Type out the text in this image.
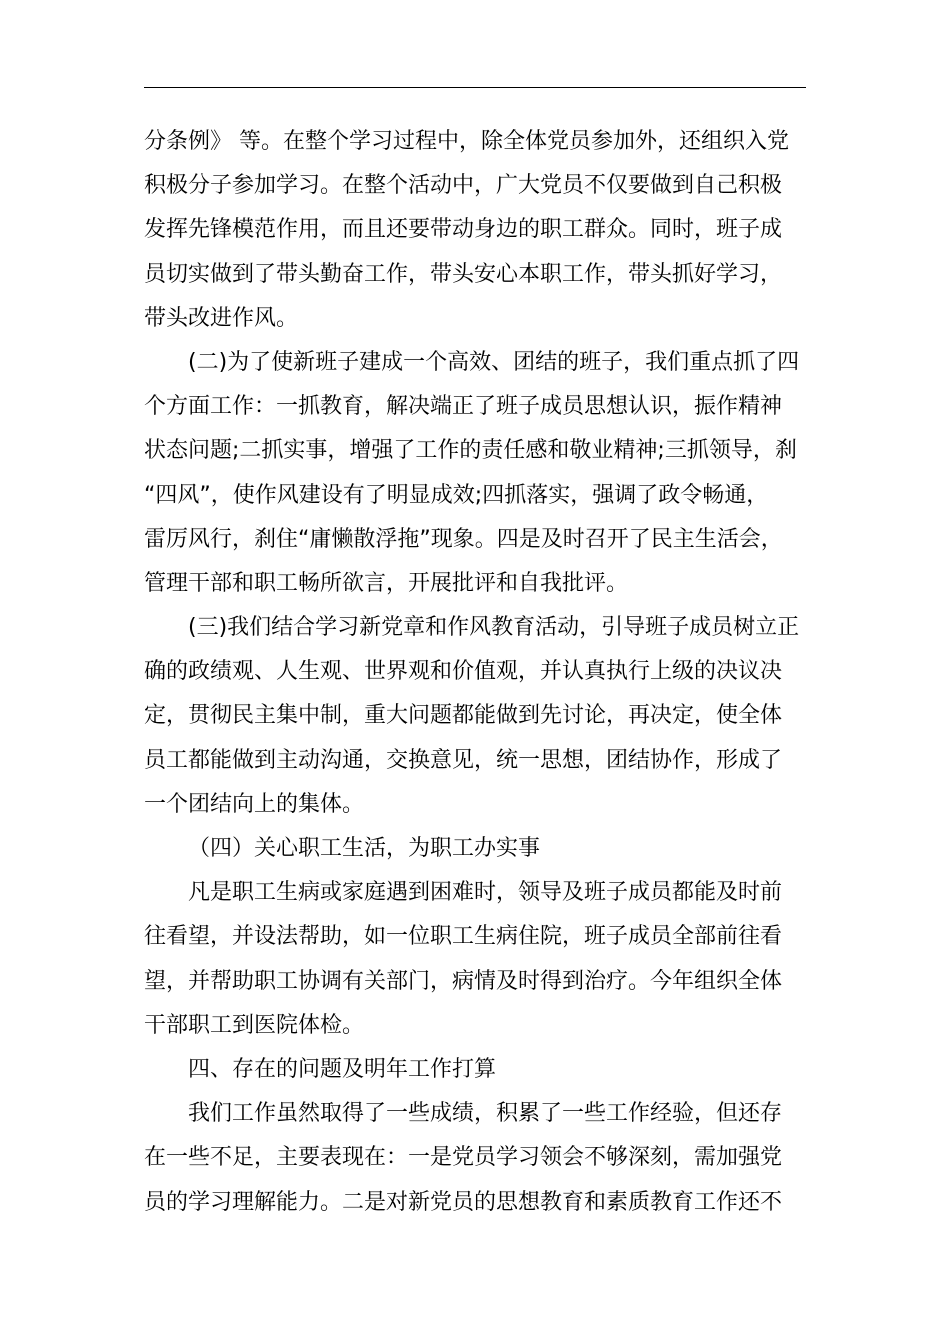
分条例》 等。在整个学习过程中，除全体党员参加外，还组织入党

积极分子参加学习。在整个活动中，广大党员不仅要做到自己积极

发挥先锋模范作用，而且还要带动身边的职工群众。同时，班子成

员切实做到了带头勤奋工作，带头安心本职工作，带头抓好学习，

带头改进作风。

(二)为了使新班子建成一个高效、团结的班子，我们重点抓了四

个方面工作：一抓教育，解决端正了班子成员思想认识，振作精神

状态问题;二抓实事，增强了工作的责任感和敬业精神;三抓领导，刹

“四风”，使作风建设有了明显成效;四抓落实，强调了政令畅通，

雷厉风行，刹住“庸懒散浮拖”现象。四是及时召开了民主生活会，

管理干部和职工畅所欲言，开展批评和自我批评。

(三)我们结合学习新党章和作风教育活动，引导班子成员树立正

确的政绩观、人生观、世界观和价值观，并认真执行上级的决议决

定，贯彻民主集中制，重大问题都能做到先讨论，再决定，使全体

员工都能做到主动沟通，交换意见，统一思想，团结协作，形成了

一个团结向上的集体。

（四）关心职工生活，为职工办实事

凡是职工生病或家庭遇到困难时，领导及班子成员都能及时前

往看望，并设法帮助，如一位职工生病住院，班子成员全部前往看

望，并帮助职工协调有关部门，病情及时得到治疗。今年组织全体

干部职工到医院体检。

四、存在的问题及明年工作打算

我们工作虽然取得了一些成绩，积累了一些工作经验，但还存

在一些不足，主要表现在：一是党员学习领会不够深刻，需加强党

员的学习理解能力。二是对新党员的思想教育和素质教育工作还不
